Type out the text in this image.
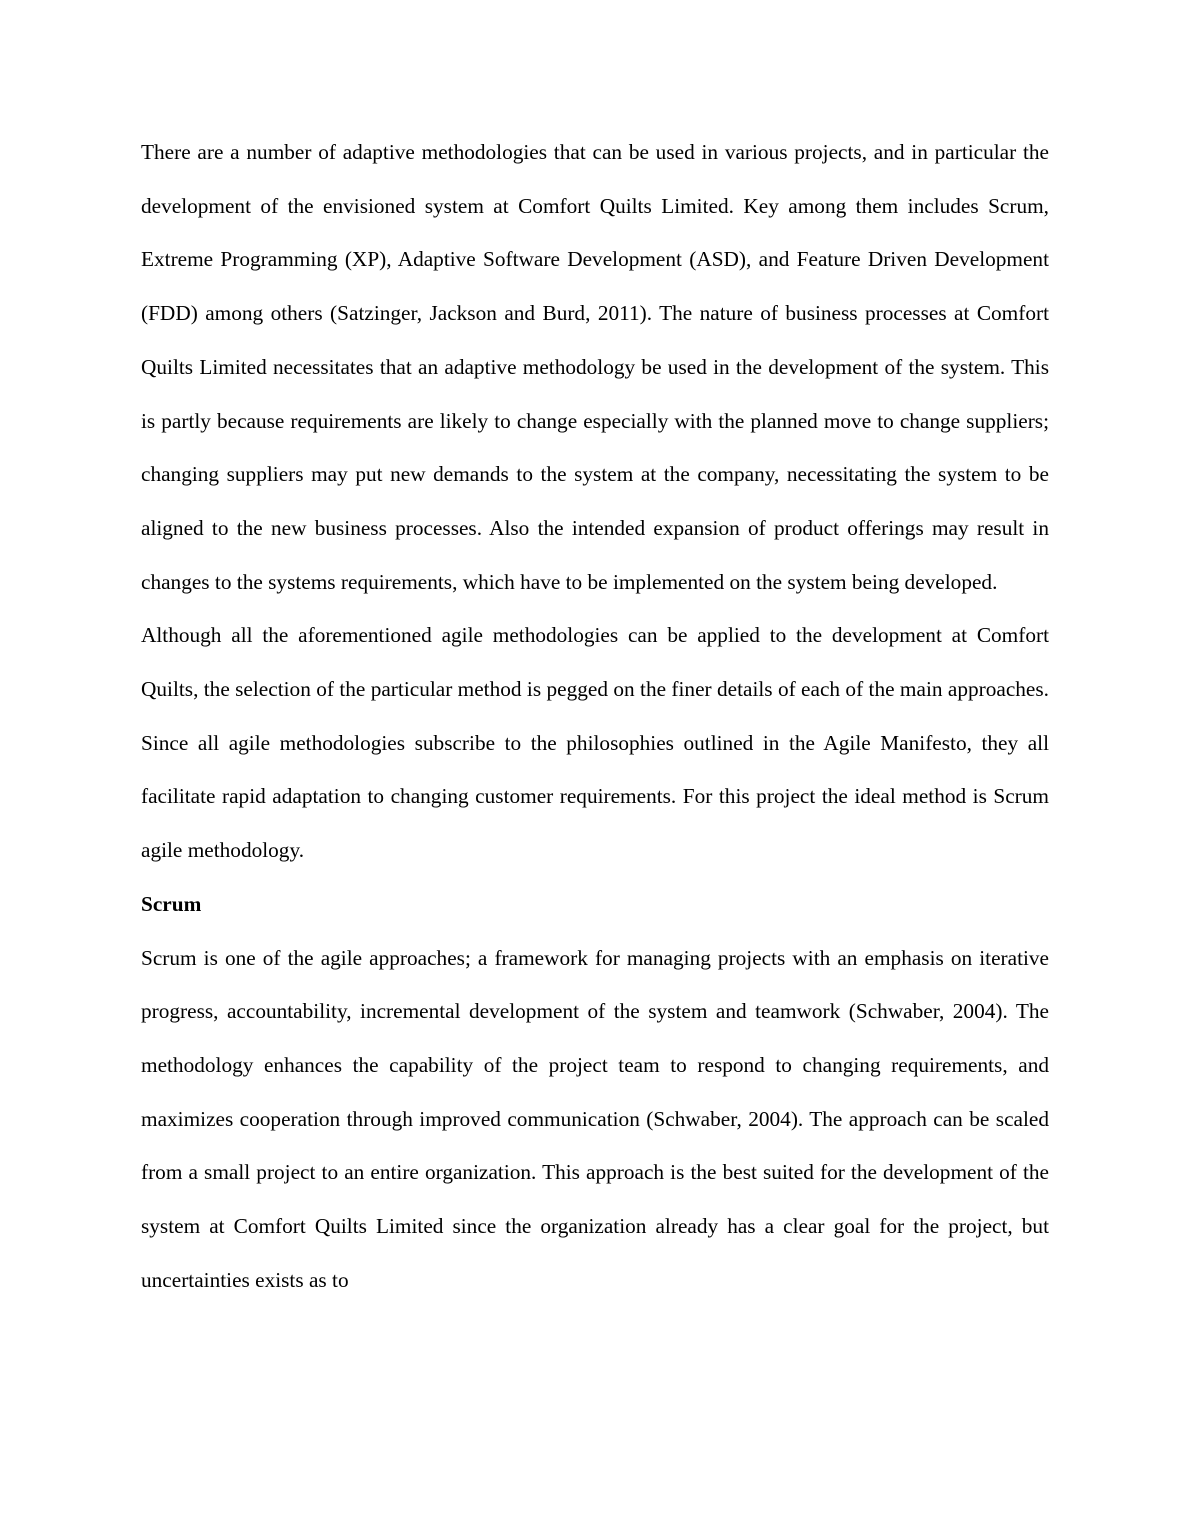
There are a number of adaptive methodologies that can be used in various projects, and in particular the development of the envisioned system at Comfort Quilts Limited. Key among them includes Scrum, Extreme Programming (XP), Adaptive Software Development (ASD), and Feature Driven Development (FDD) among others (Satzinger, Jackson and Burd, 2011). The nature of business processes at Comfort Quilts Limited necessitates that an adaptive methodology be used in the development of the system. This is partly because requirements are likely to change especially with the planned move to change suppliers; changing suppliers may put new demands to the system at the company, necessitating the system to be aligned to the new business processes. Also the intended expansion of product offerings may result in changes to the systems requirements, which have to be implemented on the system being developed.

Although all the aforementioned agile methodologies can be applied to the development at Comfort Quilts, the selection of the particular method is pegged on the finer details of each of the main approaches. Since all agile methodologies subscribe to the philosophies outlined in the Agile Manifesto, they all facilitate rapid adaptation to changing customer requirements. For this project the ideal method is Scrum agile methodology.

Scrum

Scrum is one of the agile approaches; a framework for managing projects with an emphasis on iterative progress, accountability, incremental development of the system and teamwork (Schwaber, 2004). The methodology enhances the capability of the project team to respond to changing requirements, and maximizes cooperation through improved communication (Schwaber, 2004). The approach can be scaled from a small project to an entire organization. This approach is the best suited for the development of the system at Comfort Quilts Limited since the organization already has a clear goal for the project, but uncertainties exists as to
